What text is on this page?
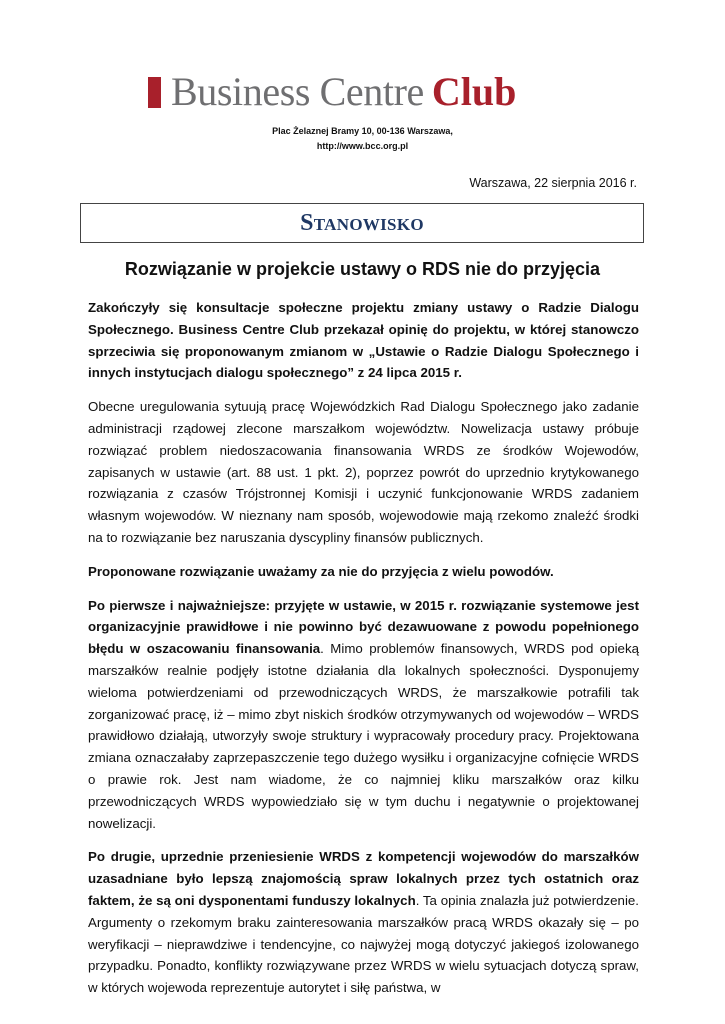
Business Centre Club
Plac Żelaznej Bramy 10, 00-136 Warszawa,
http://www.bcc.org.pl
Warszawa, 22 sierpnia 2016 r.
Stanowisko
Rozwiązanie w projekcie ustawy o RDS nie do przyjęcia

Zakończyły się konsultacje społeczne projektu zmiany ustawy o Radzie Dialogu Społecznego. Business Centre Club przekazał opinię do projektu, w której stanowczo sprzeciwia się proponowanym zmianom w „Ustawie o Radzie Dialogu Społecznego i innych instytucjach dialogu społecznego” z 24 lipca 2015 r.

Obecne uregulowania sytuują pracę Wojewódzkich Rad Dialogu Społecznego jako zadanie administracji rządowej zlecone marszałkom województw. Nowelizacja ustawy próbuje rozwiązać problem niedoszacowania finansowania WRDS ze środków Wojewodów, zapisanych w ustawie (art. 88 ust. 1 pkt. 2), poprzez powrót do uprzednio krytykowanego rozwiązania z czasów Trójstronnej Komisji i uczynić funkcjonowanie WRDS zadaniem własnym wojewodów. W nieznany nam sposób, wojewodowie mają rzekomo znaleźć środki na to rozwiązanie bez naruszania dyscypliny finansów publicznych.

Proponowane rozwiązanie uważamy za nie do przyjęcia z wielu powodów.

Po pierwsze i najważniejsze: przyjęte w ustawie, w 2015 r. rozwiązanie systemowe jest organizacyjnie prawidłowe i nie powinno być dezawuowane z powodu popełnionego błędu w oszacowaniu finansowania. Mimo problemów finansowych, WRDS pod opieką marszałków realnie podjęły istotne działania dla lokalnych społeczności. Dysponujemy wieloma potwierdzeniami od przewodniczących WRDS, że marszałkowie potrafili tak zorganizować pracę, iż – mimo zbyt niskich środków otrzymywanych od wojewodów – WRDS prawidłowo działają, utworzyły swoje struktury i wypracowały procedury pracy. Projektowana zmiana oznaczałaby zaprzepaszczenie tego dużego wysiłku i organizacyjne cofnięcie WRDS o prawie rok. Jest nam wiadome, że co najmniej kliku marszałków oraz kilku przewodniczących WRDS wypowiedziało się w tym duchu i negatywnie o projektowanej nowelizacji.

Po drugie, uprzednie przeniesienie WRDS z kompetencji wojewodów do marszałków uzasadniane było lepszą znajomością spraw lokalnych przez tych ostatnich oraz faktem, że są oni dysponentami funduszy lokalnych. Ta opinia znalazła już potwierdzenie. Argumenty o rzekomym braku zainteresowania marszałków pracą WRDS okazały się – po weryfikacji – nieprawdziwe i tendencyjne, co najwyżej mogą dotyczyć jakiegoś izolowanego przypadku. Ponadto, konflikty rozwiązywane przez WRDS w wielu sytuacjach dotyczą spraw, w których wojewoda reprezentuje autorytet i siłę państwa, w
